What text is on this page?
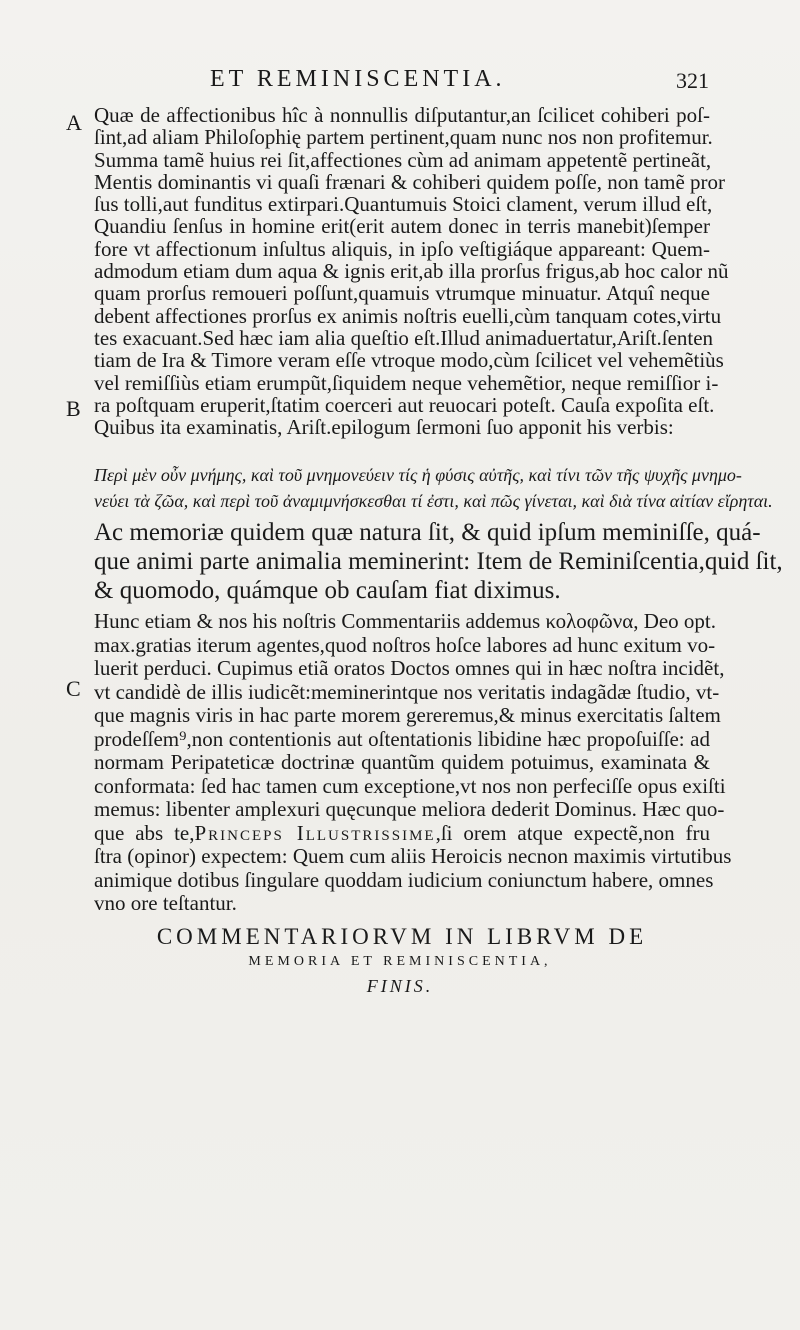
ET REMINISCENTIA.	321
A
B
C
Quæ de affectionibus hîc à nonnullis diſputantur,an ſcilicet cohiberi poſ-
ſint,ad aliam Philoſophię partem pertinent,quam nunc nos non profitemur.
Summa tamẽ huius rei ſit,affectiones cùm ad animam appetentẽ pertineãt,
Mentis dominantis vi quaſi frænari & cohiberi quidem poſſe, non tamẽ pror
ſus tolli,aut funditus extirpari.Quantumuis Stoici clament, verum illud eſt,
Quandiu ſenſus in homine erit(erit autem donec in terris manebit)ſemper
fore vt affectionum inſultus aliquis, in ipſo veſtigiáque appareant: Quem-
admodum etiam dum aqua & ignis erit,ab illa prorſus frigus,ab hoc calor nũ
quam prorſus remoueri poſſunt,quamuis vtrumque minuatur. Atquî neque
debent affectiones prorſus ex animis noſtris euelli,cùm tanquam cotes,virtu
tes exacuant.Sed hæc iam alia queſtio eſt.Illud animaduertatur,Ariſt.ſenten
tiam de Ira & Timore veram eſſe vtroque modo,cùm ſcilicet vel vehemẽtiùs
vel remiſſiùs etiam erumpũt,ſiquidem neque vehemẽtior, neque remiſſior i-
ra poſtquam eruperit,ſtatim coerceri aut reuocari poteſt. Cauſa expoſita eſt.
Quibus ita examinatis, Ariſt.epilogum ſermoni ſuo apponit his verbis:
Περὶ μὲν οὖν μνήμης, καὶ τοῦ μνημονεύειν τίς ἡ φύσις αὐτῆς, καὶ τίνι τῶν τῆς ψυχῆς μνημο-
νεύει τὰ ζῶα, καὶ περὶ τοῦ ἀναμιμνήσκεσθαι τί ἐστι, καὶ πῶς γίνεται, καὶ διὰ τίνα αἰτίαν εἴρηται.
Ac memoriæ quidem quæ natura ſit, & quid ipſum meminiſſe, quá-
que animi parte animalia meminerint: Item de Reminiſcentia,quid ſit,
& quomodo, quámque ob cauſam fiat diximus.
Hunc etiam & nos his noſtris Commentariis addemus κολοφῶνα, Deo opt.
max.gratias iterum agentes,quod noſtros hoſce labores ad hunc exitum vo-
luerit perduci. Cupimus etiã oratos Doctos omnes qui in hæc noſtra incidẽt,
vt candidè de illis iudicẽt:meminerintque nos veritatis indagãdæ ſtudio, vt-
que magnis viris in hac parte morem gereremus,& minus exercitatis ſaltem
prodeſſem⁹,non contentionis aut oſtentationis libidine hæc propoſuiſſe: ad
normam Peripateticæ doctrinæ quantũm quidem potuimus, examinata &
conformata: ſed hac tamen cum exceptione,vt nos non perfeciſſe opus exiſti
memus: libenter amplexuri quęcunque meliora dederit Dominus. Hæc quo-
que abs te,Princeps Illustrissime,ſi orem atque expectẽ,non fru
ſtra (opinor) expectem: Quem cum aliis Heroicis necnon maximis virtutibus
animique dotibus ſingulare quoddam iudicium coniunctum habere, omnes
vno ore teſtantur.
COMMENTARIORVM IN LIBRVM DE
MEMORIA ET REMINISCENTIA,
FINIS.
